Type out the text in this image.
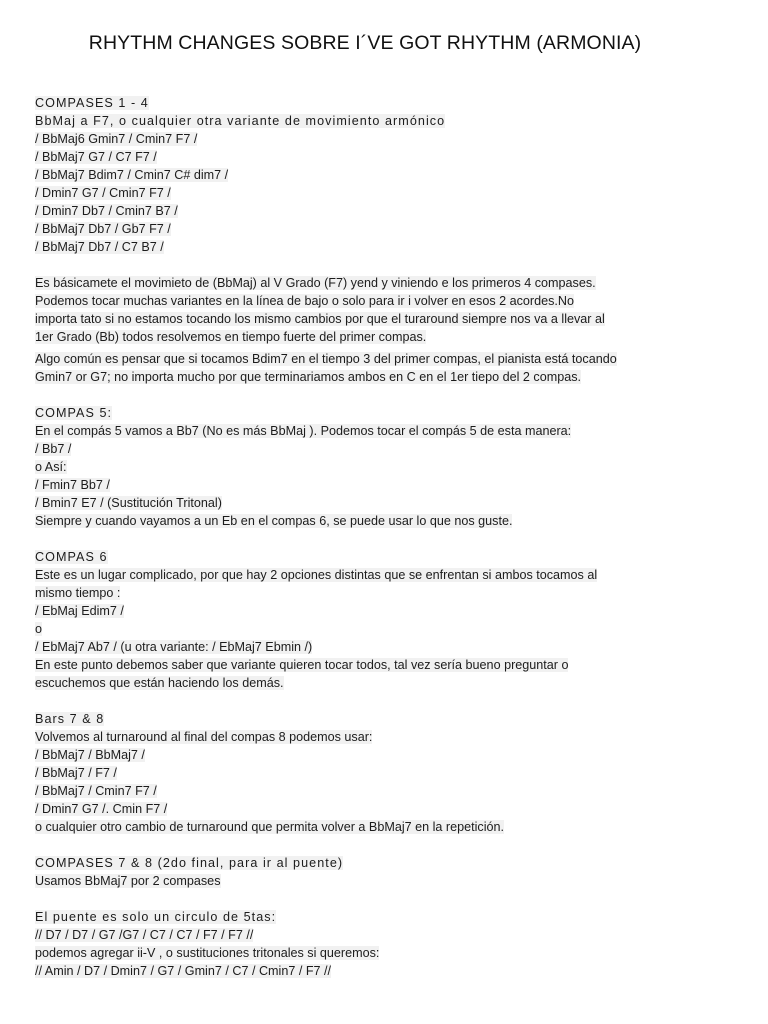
RHYTHM CHANGES SOBRE I´VE GOT RHYTHM (ARMONIA)
COMPASES 1 - 4
BbMaj a F7, o cualquier otra variante de movimiento armónico
/ BbMaj6 Gmin7 / Cmin7 F7 /
/ BbMaj7 G7 / C7 F7 /
/ BbMaj7 Bdim7 / Cmin7 C# dim7 /
/ Dmin7 G7 / Cmin7 F7 /
/ Dmin7 Db7 / Cmin7 B7 /
/ BbMaj7 Db7 / Gb7 F7 /
/ BbMaj7 Db7 / C7 B7 /
Es básicamete el movimieto de (BbMaj) al V Grado (F7) yend y viniendo e los primeros 4 compases.
Podemos tocar muchas variantes en la línea de bajo o solo para ir i volver en esos 2 acordes.No
importa tato si no estamos tocando los mismo cambios por que el turaround siempre nos va a llevar al
1er Grado (Bb) todos resolvemos en tiempo fuerte del primer compas.
Algo común es pensar que si tocamos Bdim7 en el tiempo 3 del primer compas, el pianista está tocando
Gmin7 or G7; no importa mucho por que terminariamos ambos en C en el 1er tiepo del 2 compas.
COMPAS 5:
En el compás 5 vamos a Bb7 (No es más BbMaj ). Podemos tocar el compás 5 de esta manera:
/ Bb7 /
o Así:
/ Fmin7 Bb7 /
/ Bmin7 E7 / (Sustitución Tritonal)
Siempre y cuando vayamos a un Eb en el compas 6, se puede usar lo que nos guste.
COMPAS 6
Este es un lugar complicado, por que hay 2 opciones distintas que se enfrentan si ambos tocamos al
mismo tiempo :
/ EbMaj Edim7 /
o
/ EbMaj7 Ab7 / (u otra variante: / EbMaj7 Ebmin /)
En este punto debemos saber que variante quieren tocar todos, tal vez sería bueno preguntar o
escuchemos que están haciendo los demás.
Bars 7 & 8
Volvemos al turnaround al final del compas 8 podemos usar:
/ BbMaj7 / BbMaj7 /
/ BbMaj7 / F7 /
/ BbMaj7 / Cmin7 F7 /
/ Dmin7 G7 /. Cmin F7 /
o cualquier otro cambio de turnaround que permita volver a BbMaj7 en la repetición.
COMPASES 7 & 8 (2do final, para ir al puente)
Usamos BbMaj7 por 2 compases
El puente es solo un circulo de 5tas:
// D7 / D7 / G7 /G7 / C7 / C7 / F7 / F7 //
podemos agregar ii-V , o sustituciones tritonales si queremos:
// Amin / D7 / Dmin7 / G7 / Gmin7 / C7 / Cmin7 / F7 //
